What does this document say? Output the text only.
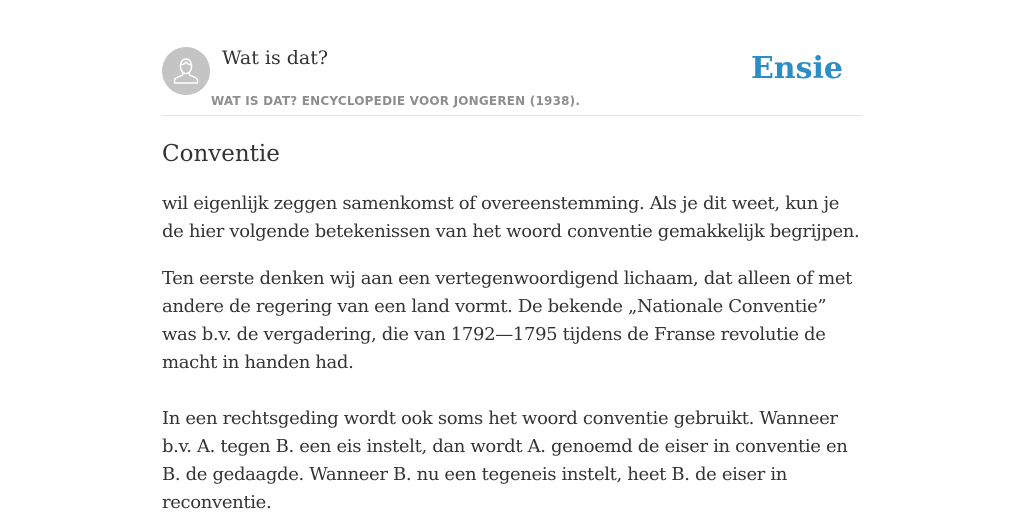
Wat is dat?
WAT IS DAT? ENCYCLOPEDIE VOOR JONGEREN (1938).
Ensie
Conventie

wil eigenlijk zeggen samenkomst of overeenstemming. Als je dit weet, kun je de hier volgende betekenissen van het woord conventie gemakkelijk begrijpen.

Ten eerste denken wij aan een vertegenwoordigend lichaam, dat alleen of met andere de regering van een land vormt. De bekende „Nationale Conventie” was b.v. de vergadering, die van 1792—1795 tijdens de Franse revolutie de macht in handen had.

In een rechtsgeding wordt ook soms het woord conventie gebruikt. Wanneer b.v. A. tegen B. een eis instelt, dan wordt A. genoemd de eiser in conventie en B. de gedaagde. Wanneer B. nu een tegeneis instelt, heet B. de eiser in reconventie.
